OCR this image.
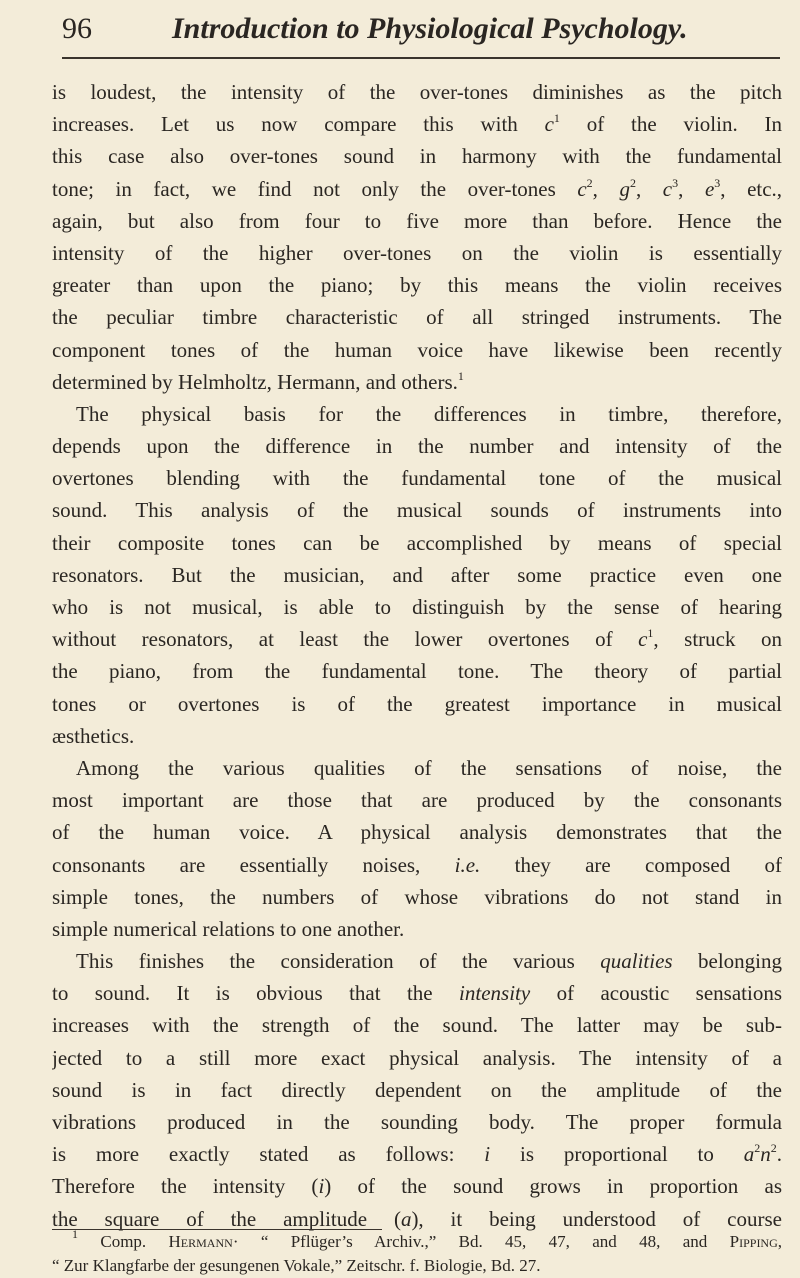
96	Introduction to Physiological Psychology.
is loudest, the intensity of the over-tones diminishes as the pitch
increases. Let us now compare this with $c^1$ of the violin. In
this case also over-tones sound in harmony with the fundamental
tone; in fact, we find not only the over-tones $c^2$, $g^2$, $c^3$, $e^3$, etc.,
again, but also from four to five more than before. Hence the
intensity of the higher over-tones on the violin is essentially
greater than upon the piano; by this means the violin receives
the peculiar timbre characteristic of all stringed instruments. The
component tones of the human voice have likewise been recently
determined by Helmholtz, Hermann, and others.$^1$
The physical basis for the differences in timbre, therefore,
depends upon the difference in the number and intensity of the
overtones blending with the fundamental tone of the musical
sound. This analysis of the musical sounds of instruments into
their composite tones can be accomplished by means of special
resonators. But the musician, and after some practice even one
who is not musical, is able to distinguish by the sense of hearing
without resonators, at least the lower overtones of $c^1$, struck on
the piano, from the fundamental tone. The theory of partial
tones or overtones is of the greatest importance in musical
æsthetics.
Among the various qualities of the sensations of noise, the
most important are those that are produced by the consonants
of the human voice. A physical analysis demonstrates that the
consonants are essentially noises, i.e. they are composed of
simple tones, the numbers of whose vibrations do not stand in
simple numerical relations to one another.
This finishes the consideration of the various qualities belonging
to sound. It is obvious that the intensity of acoustic sensations
increases with the strength of the sound. The latter may be sub-
jected to a still more exact physical analysis. The intensity of a
sound is in fact directly dependent on the amplitude of the
vibrations produced in the sounding body. The proper formula
is more exactly stated as follows: i is proportional to $a^2n^2$.
Therefore the intensity (i) of the sound grows in proportion as
the square of the amplitude (a), it being understood of course
$^1$ Comp. Hermann· “ Pflüger’s Archiv.,” Bd. 45, 47, and 48, and Pipping,
“ Zur Klangfarbe der gesungenen Vokale,” Zeitschr. f. Biologie, Bd. 27.
